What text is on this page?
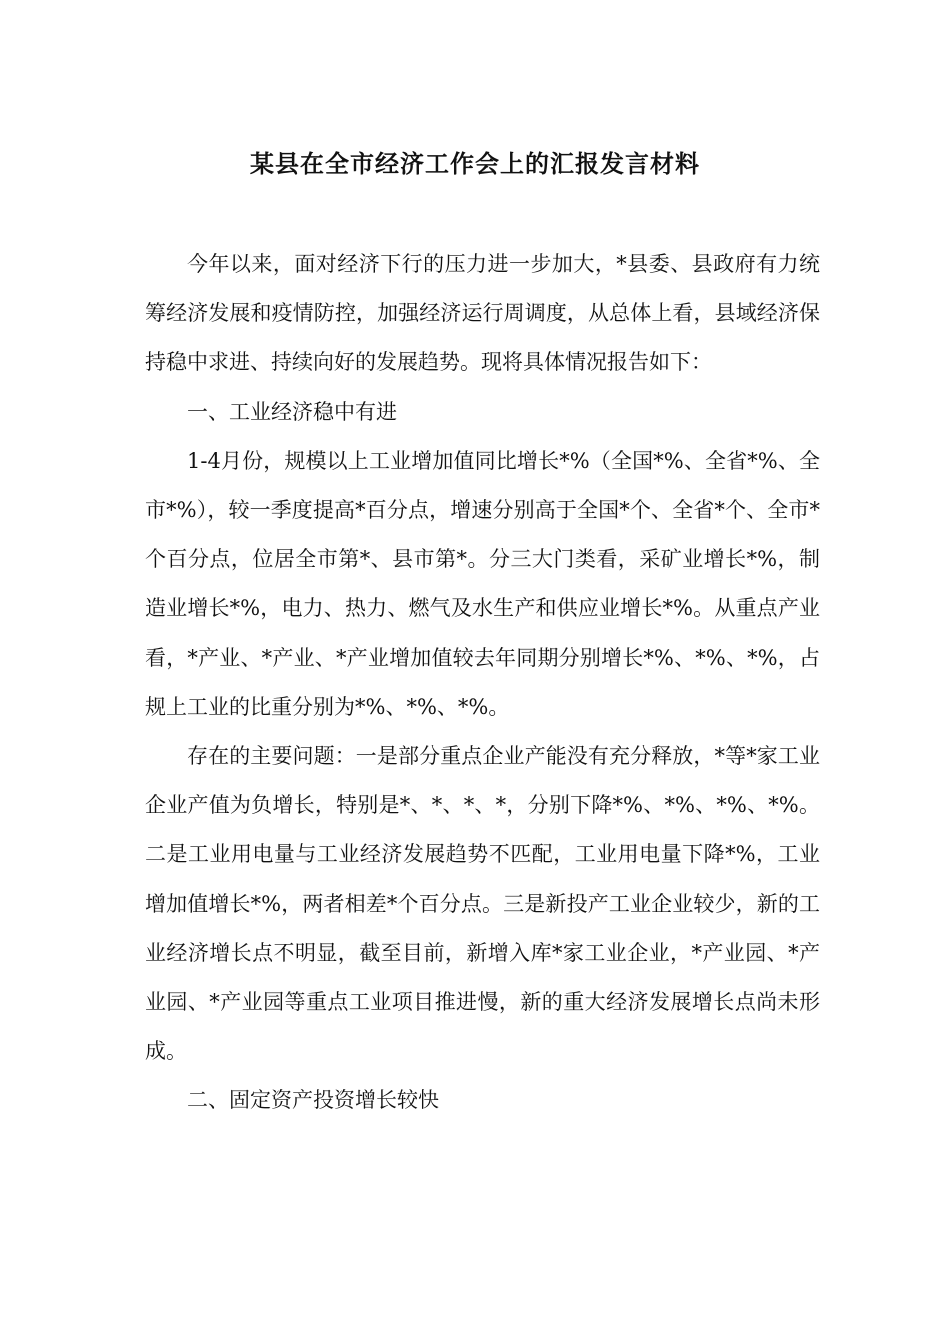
某县在全市经济工作会上的汇报发言材料

今年以来，面对经济下行的压力进一步加大，*县委、县政府有力统筹经济发展和疫情防控，加强经济运行周调度，从总体上看，县域经济保持稳中求进、持续向好的发展趋势。现将具体情况报告如下：

一、工业经济稳中有进

1-4月份，规模以上工业增加值同比增长*%（全国*%、全省*%、全市*%），较一季度提高*百分点，增速分别高于全国*个、全省*个、全市*个百分点，位居全市第*、县市第*。分三大门类看，采矿业增长*%，制造业增长*%，电力、热力、燃气及水生产和供应业增长*%。从重点产业看，*产业、*产业、*产业增加值较去年同期分别增长*%、*%、*%，占规上工业的比重分别为*%、*%、*%。

存在的主要问题：一是部分重点企业产能没有充分释放，*等*家工业企业产值为负增长，特别是*、*、*、*，分别下降*%、*%、*%、*%。二是工业用电量与工业经济发展趋势不匹配，工业用电量下降*%，工业增加值增长*%，两者相差*个百分点。三是新投产工业企业较少，新的工业经济增长点不明显，截至目前，新增入库*家工业企业，*产业园、*产业园、*产业园等重点工业项目推进慢，新的重大经济发展增长点尚未形成。

二、固定资产投资增长较快
